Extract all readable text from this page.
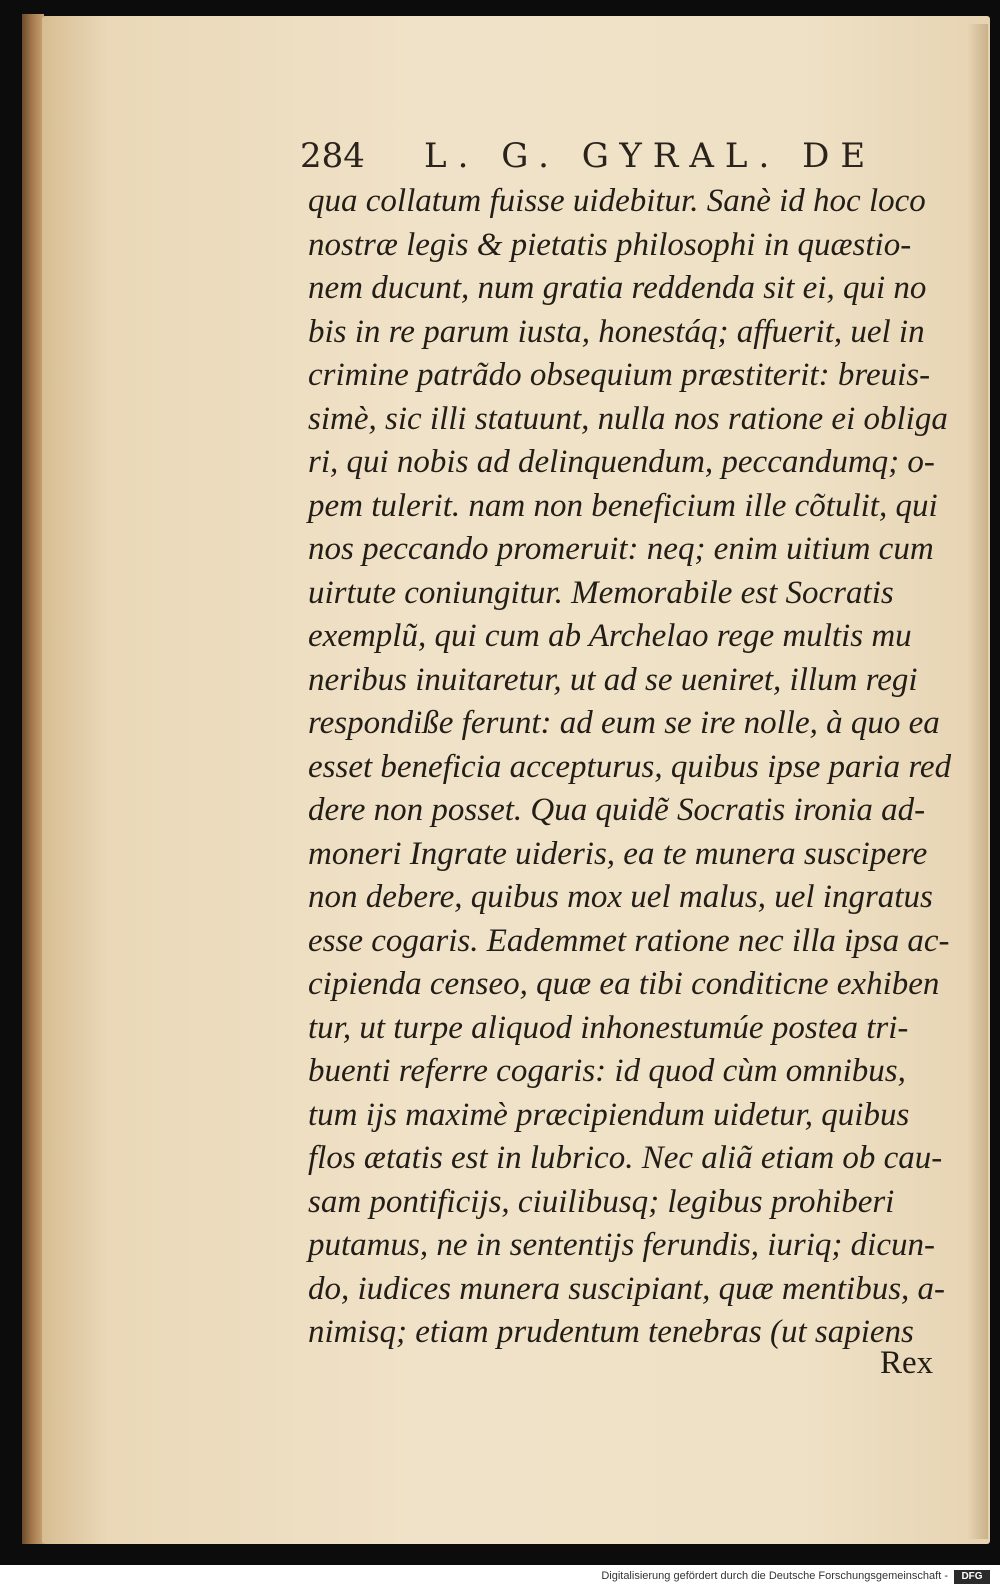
284 L. G. GYRAL. DE
qua collatum fuisse uidebitur. Sanè id hoc loco
nostræ legis & pietatis philosophi in quæstio-
nem ducunt, num gratia reddenda sit ei, qui no
bis in re parum iusta, honestáq; affuerit, uel in
crimine patrãdo obsequium præstiterit: breuis-
simè, sic illi statuunt, nulla nos ratione ei obliga
ri, qui nobis ad delinquendum, peccandumq; o-
pem tulerit. nam non beneficium ille cõtulit, qui
nos peccando promeruit: neq; enim uitium cum
uirtute coniungitur. Memorabile est Socratis
exemplũ, qui cum ab Archelao rege multis mu
neribus inuitaretur, ut ad se ueniret, illum regi
respondiße ferunt: ad eum se ire nolle, à quo ea
esset beneficia accepturus, quibus ipse paria red
dere non posset. Qua quidẽ Socratis ironia ad-
moneri Ingrate uideris, ea te munera suscipere
non debere, quibus mox uel malus, uel ingratus
esse cogaris. Eademmet ratione nec illa ipsa ac-
cipienda censeo, quæ ea tibi conditicne exhiben
tur, ut turpe aliquod inhonestumúe postea tri-
buenti referre cogaris: id quod cùm omnibus,
tum ijs maximè præcipiendum uidetur, quibus
flos ætatis est in lubrico. Nec aliã etiam ob cau-
sam pontificijs, ciuilibusq; legibus prohiberi
putamus, ne in sententijs ferundis, iuriq; dicun-
do, iudices munera suscipiant, quæ mentibus, a-
nimisq; etiam prudentum tenebras (ut sapiens
Rex
Digitalisierung gefördert durch die Deutsche Forschungsgemeinschaft -	DFG
